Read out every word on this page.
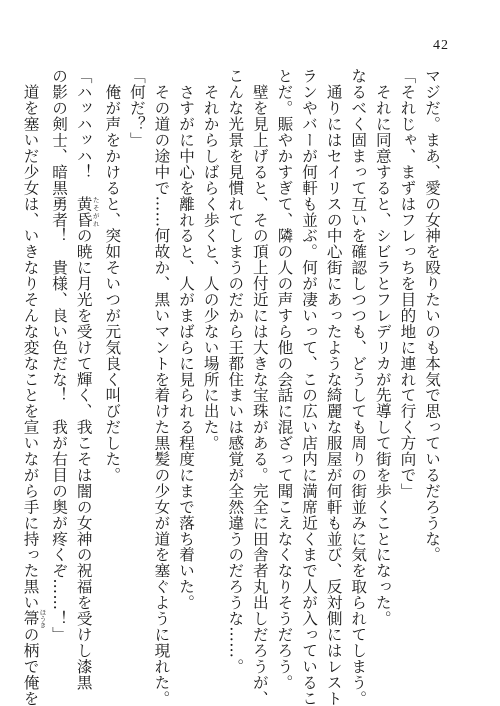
42
マジだ。まあ、愛の女神を殴りたいのも本気で思っているだろうな。
「それじゃ、まずはフレっちを目的地に連れて行く方向で」
　それに同意すると、シビラとフレデリカが先導して街を歩くことになった。
なるべく固まって互いを確認しつつも、どうしても周りの街並みに気を取られてしまう。
　通りにはセイリスの中心街にあったような綺麗な服屋が何軒も並び、反対側にはレスト
ランやバーが何軒も並ぶ。何が凄いって、この広い店内に満席近くまで人が入っているこ
とだ。賑やかすぎて、隣の人の声すら他の会話に混ざって聞こえなくなりそうだろう。
　壁を見上げると、その頂上付近には大きな宝珠がある。完全に田舎者丸出しだろうが、
こんな光景を見慣れてしまうのだから王都住まいは感覚が全然違うのだろうな……。
　それからしばらく歩くと、人の少ない場所に出た。
　さすがに中心を離れると、人がまばらに見られる程度にまで落ち着いた。
　その道の途中で……何故か、黒いマントを着けた黒髪の少女が道を塞ぐように現れた。
「何だ？」
　俺が声をかけると、突如そいつが元気良く叫びだした。
「ハッハッハ！　黄昏 たそがれの暁に月光を受けて輝く、我こそは闇の女神の祝福を受けし漆黒
の影の剣士、暗黒勇者！　貴様、良い色だな！　我が右目の奥が疼くぞ……！」
　道を塞いだ少女は、いきなりそんな変なことを宣いながら手に持った黒い箒 ほうきの柄で俺を
